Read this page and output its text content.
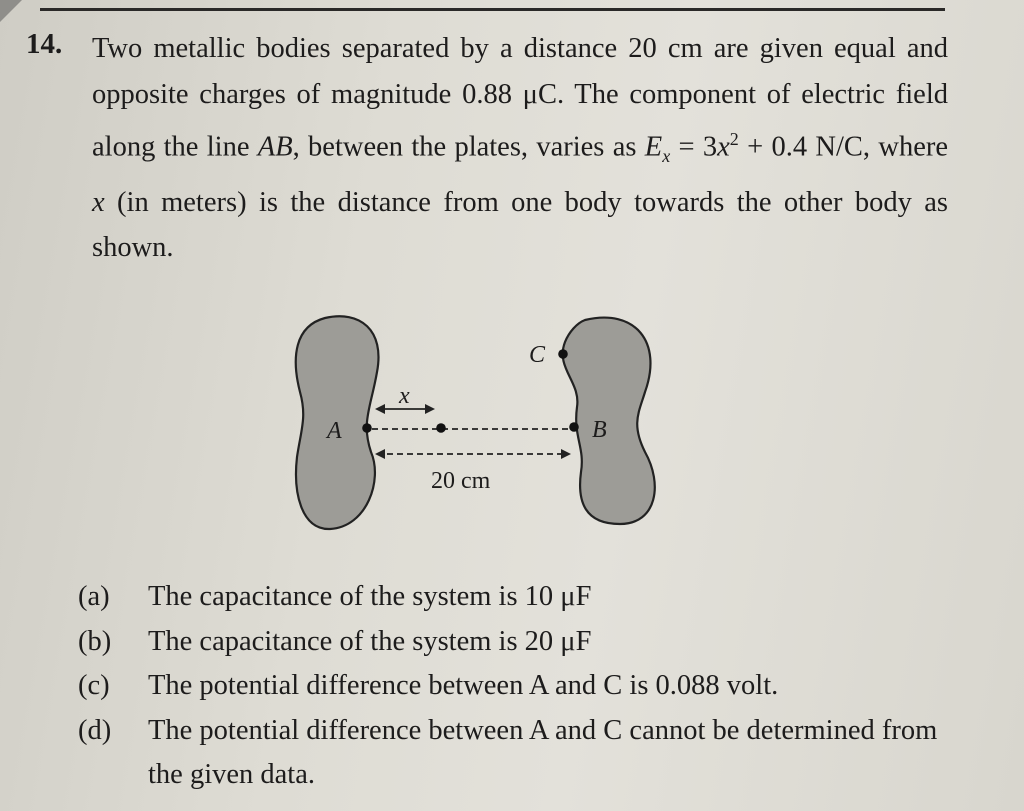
14. Two metallic bodies separated by a distance 20 cm are given equal and opposite charges of magnitude 0.88 μC. The component of electric field along the line AB, between the plates, varies as $E_x = 3x^2 + 0.4$ N/C, where x (in meters) is the distance from one body towards the other body as shown.
A	B
C
x
20 cm
(a)	The capacitance of the system is 10 μF
(b)	The capacitance of the system is 20 μF
(c)	The potential difference between A and C is 0.088 volt.
(d)	The potential difference between A and C cannot be determined from the given data.
